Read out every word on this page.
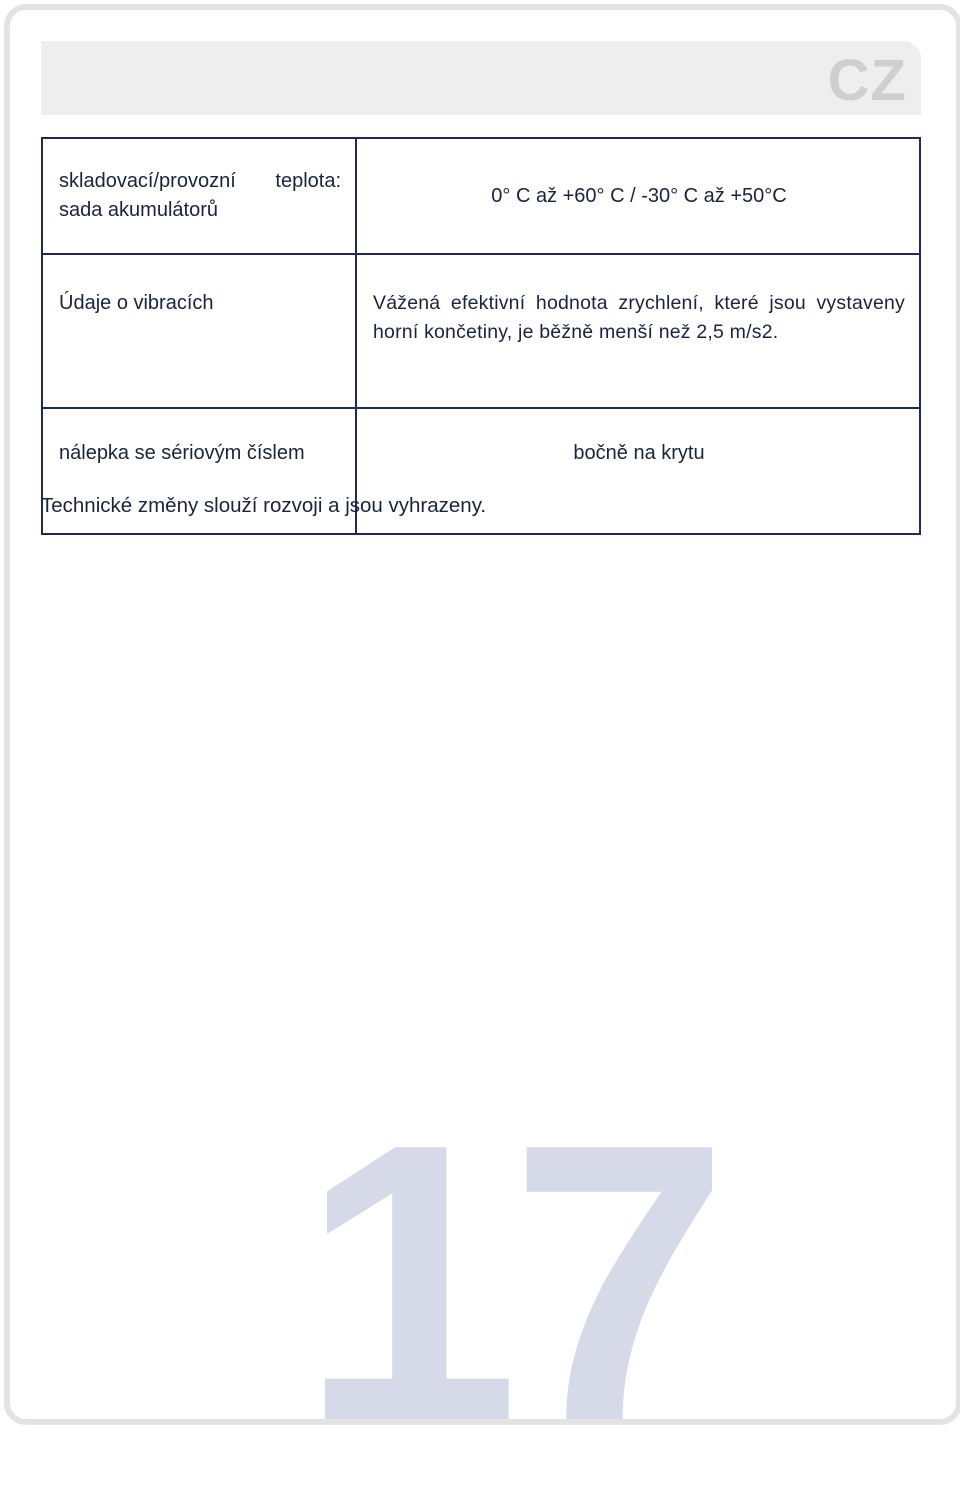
CZ
skladovací/provozní teplota: sada akumulátorů	0° C až +60° C / -30° C až +50°C
Údaje o vibracích	Vážená efektivní hodnota zrychlení, které jsou vystaveny horní končetiny, je běžně menší než 2,5 m/s2.
nálepka se sériovým číslem	bočně na krytu
Technické změny slouží rozvoji a jsou vyhrazeny.
17
